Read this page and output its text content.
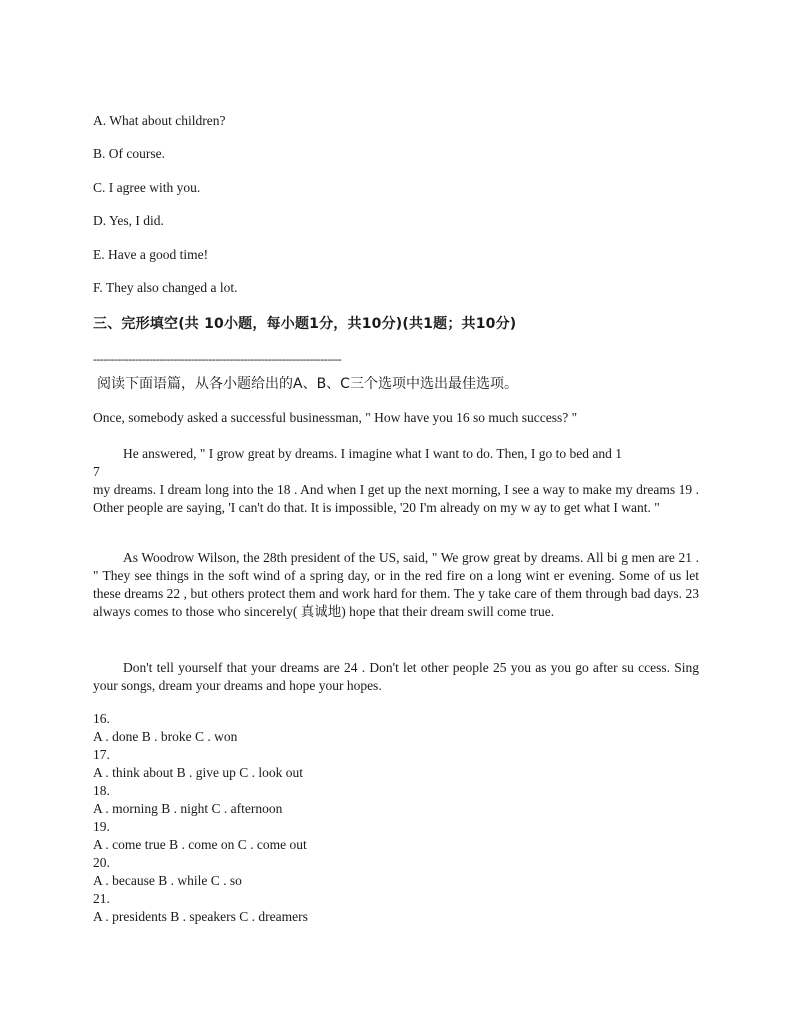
A. What about children?
B. Of course.
C. I agree with you.
D. Yes, I did.
E. Have a good time!
F. They also changed a lot.
三、完形填空(共 10小题，每小题1分，共10分)(共1题；共10分)
-----------------------------------------------------------------------
阅读下面语篇，从各小题给出的A、B、C三个选项中选出最佳选项。
Once, somebody asked a successful businessman, " How have you 16 so much success? "
He answered, " I grow great by dreams. I imagine what I want to do. Then, I go to bed and 1
7
my dreams. I dream long into the 18 . And when I get up the next morning, I see a way to make my dreams 19 . Other people are saying, 'I can't do that. It is impossible, '20 I'm already on my w ay to get what I want. "
As Woodrow Wilson, the 28th president of the US, said, " We grow great by dreams. All bi g men are 21 . " They see things in the soft wind of a spring day, or in the red fire on a long wint er evening. Some of us let these dreams 22 , but others protect them and work hard for them. The y take care of them through bad days. 23 always comes to those who sincerely( 真诚地) hope that their dream swill come true.
Don't tell yourself that your dreams are 24 . Don't let other people 25 you as you go after su ccess. Sing your songs, dream your dreams and hope your hopes.
16.
A . done B . broke C . won
17.
A . think about B . give up C . look out
18.
A . morning B . night C . afternoon
19.
A . come true B . come on C . come out
20.
A . because B . while C . so
21.
A . presidents B . speakers C . dreamers
